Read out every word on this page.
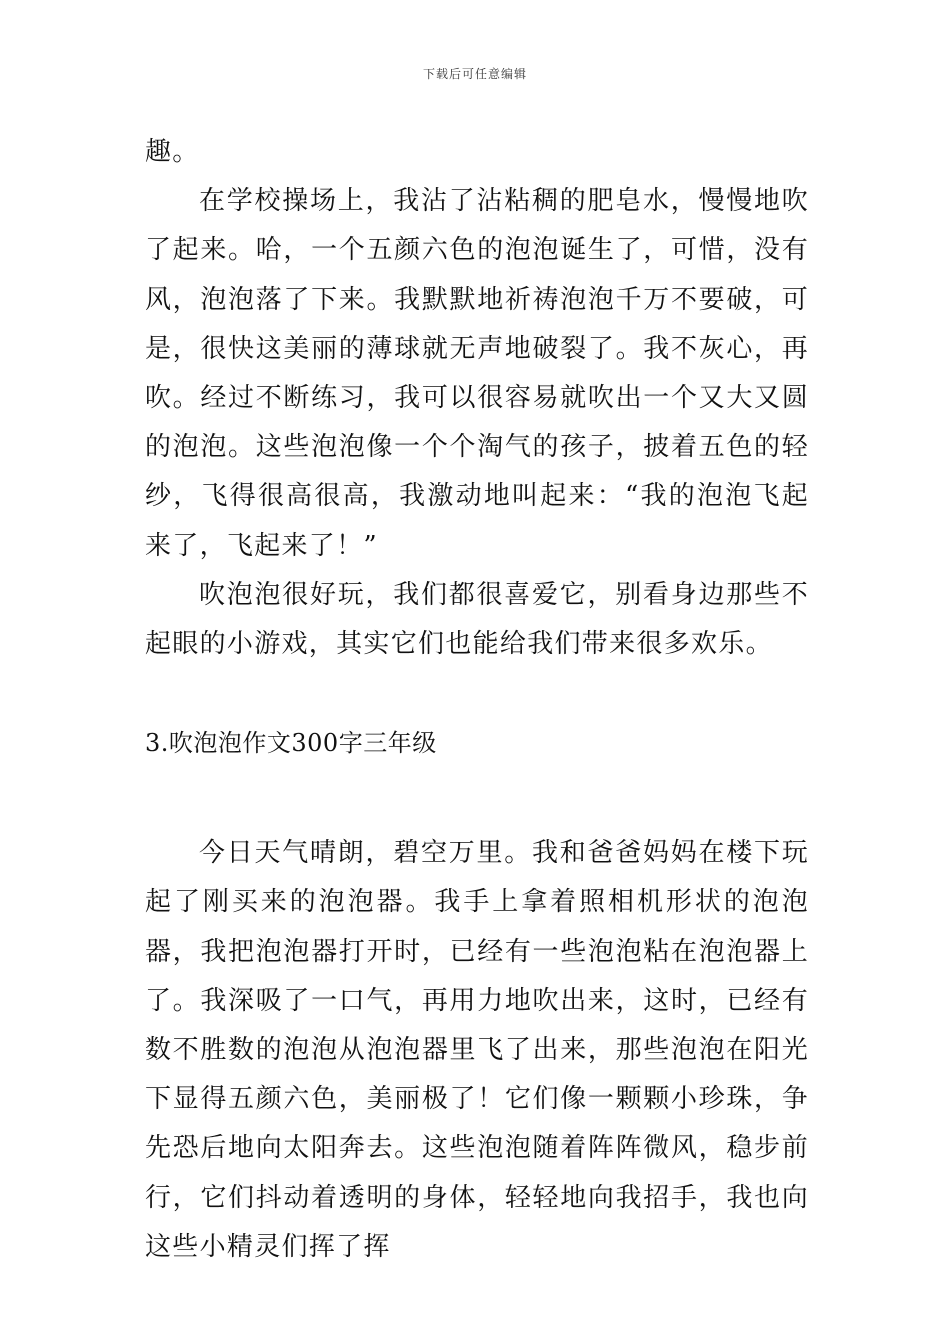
下载后可任意编辑

趣。

在学校操场上，我沾了沾粘稠的肥皂水，慢慢地吹了起来。哈，一个五颜六色的泡泡诞生了，可惜，没有风，泡泡落了下来。我默默地祈祷泡泡千万不要破，可是，很快这美丽的薄球就无声地破裂了。我不灰心，再吹。经过不断练习，我可以很容易就吹出一个又大又圆的泡泡。这些泡泡像一个个淘气的孩子，披着五色的轻纱，飞得很高很高，我激动地叫起来：“我的泡泡飞起来了，飞起来了！”

吹泡泡很好玩，我们都很喜爱它，别看身边那些不起眼的小游戏，其实它们也能给我们带来很多欢乐。

3.吹泡泡作文300字三年级

今日天气晴朗，碧空万里。我和爸爸妈妈在楼下玩起了刚买来的泡泡器。我手上拿着照相机形状的泡泡器，我把泡泡器打开时，已经有一些泡泡粘在泡泡器上了。我深吸了一口气，再用力地吹出来，这时，已经有数不胜数的泡泡从泡泡器里飞了出来，那些泡泡在阳光下显得五颜六色，美丽极了！它们像一颗颗小珍珠，争先恐后地向太阳奔去。这些泡泡随着阵阵微风，稳步前行，它们抖动着透明的身体，轻轻地向我招手，我也向这些小精灵们挥了挥
